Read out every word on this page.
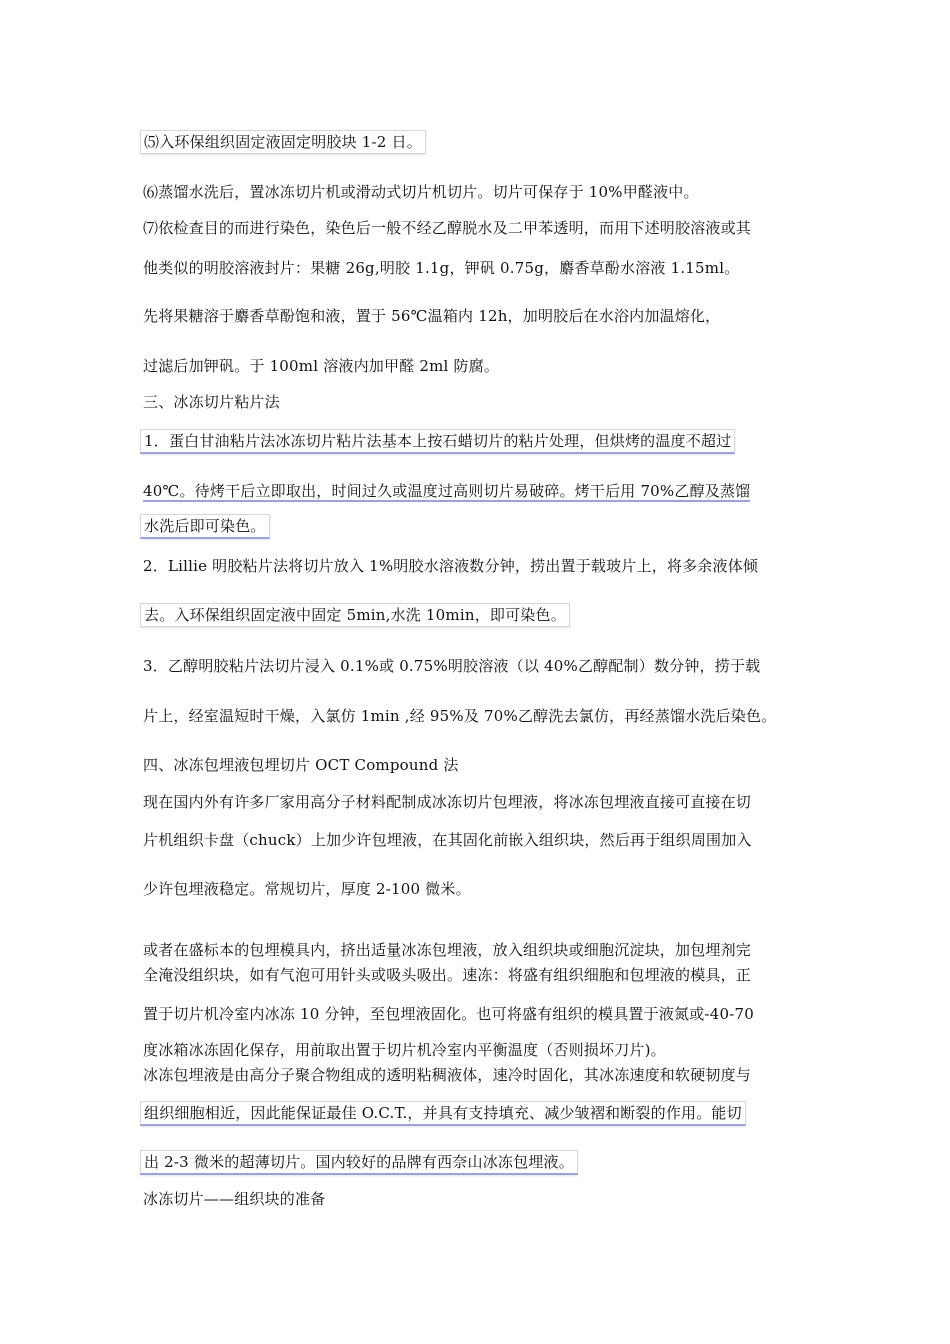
⑸入环保组织固定液固定明胶块 1-2 日。
⑹蒸馏水洗后，置冰冻切片机或滑动式切片机切片。切片可保存于 10%甲醛液中。
⑺依检查目的而进行染色，染色后一般不经乙醇脱水及二甲苯透明，而用下述明胶溶液或其
他类似的明胶溶液封片：果糖 26g,明胶 1.1g，钾矾 0.75g，麝香草酚水溶液 1.15ml。
先将果糖溶于麝香草酚饱和液，置于 56℃温箱内 12h，加明胶后在水浴内加温熔化，
过滤后加钾矾。于 100ml 溶液内加甲醛 2ml 防腐。
三、冰冻切片粘片法
1．蛋白甘油粘片法冰冻切片粘片法基本上按石蜡切片的粘片处理，但烘烤的温度不超过
40℃。待烤干后立即取出，时间过久或温度过高则切片易破碎。烤干后用 70%乙醇及蒸馏
水洗后即可染色。
2．Lillie 明胶粘片法将切片放入 1%明胶水溶液数分钟，捞出置于载玻片上，将多余液体倾
去。入环保组织固定液中固定 5min,水洗 10min，即可染色。
3．乙醇明胶粘片法切片浸入 0.1%或 0.75%明胶溶液（以 40%乙醇配制）数分钟，捞于载
片上，经室温短时干燥，入氯仿 1min ,经 95%及 70%乙醇洗去氯仿，再经蒸馏水洗后染色。
四、冰冻包埋液包埋切片 OCT Compound 法
现在国内外有许多厂家用高分子材料配制成冰冻切片包埋液，将冰冻包埋液直接可直接在切
片机组织卡盘（chuck）上加少许包埋液，在其固化前嵌入组织块，然后再于组织周围加入
少许包埋液稳定。常规切片，厚度 2-100 微米。
或者在盛标本的包埋模具内，挤出适量冰冻包埋液，放入组织块或细胞沉淀块，加包埋剂完
全淹没组织块，如有气泡可用针头或吸头吸出。速冻：将盛有组织细胞和包埋液的模具，正
置于切片机冷室内冰冻 10 分钟，至包埋液固化。也可将盛有组织的模具置于液氮或-40-70
度冰箱冰冻固化保存，用前取出置于切片机冷室内平衡温度（否则损坏刀片)。
冰冻包埋液是由高分子聚合物组成的透明粘稠液体，速冷时固化，其冰冻速度和软硬韧度与
组织细胞相近，因此能保证最佳 O.C.T.，并具有支持填充、减少皱褶和断裂的作用。能切
出 2-3 微米的超薄切片。国内较好的品牌有西奈山冰冻包埋液。
冰冻切片——组织块的准备
